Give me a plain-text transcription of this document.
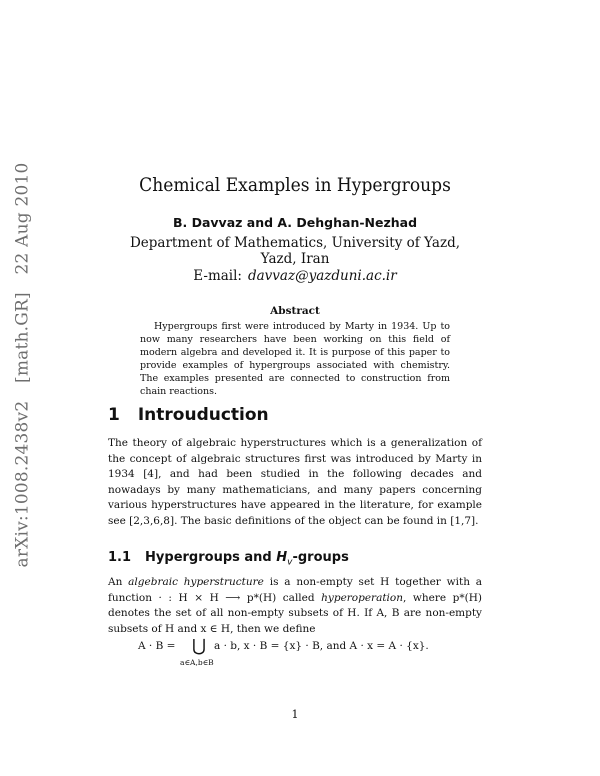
arXiv:1008.2438v2 [math.GR] 22 Aug 2010	Chemical Examples in Hypergroups
B. Davvaz and A. Dehghan-Nezhad
Department of Mathematics, University of Yazd,
Yazd, Iran
E-mail: davvaz@yazduni.ac.ir
Abstract
Hypergroups first were introduced by Marty in 1934. Up to now many researchers have been working on this field of modern algebra and developed it. It is purpose of this paper to provide examples of hypergroups associated with chemistry. The examples presented are connected to construction from chain reactions.
1 Introuduction
The theory of algebraic hyperstructures which is a generalization of the concept of algebraic structures first was introduced by Marty in 1934 [4], and had been studied in the following decades and nowadays by many mathematicians, and many papers concerning various hyperstructures have appeared in the literature, for example see [2,3,6,8]. The basic definitions of the object can be found in [1,7].
1.1 Hypergroups and $H_v$-groups
An algebraic hyperstructure is a non-empty set H together with a function · : H × H ⟶ p*(H) called hyperoperation, where p*(H) denotes the set of all non-empty subsets of H. If A, B are non-empty subsets of H and x ∈ H, then we define
A · B = ⋃
a∈A,b∈B
a · b, x · B = {x} · B, and A · x = A · {x}.
1
